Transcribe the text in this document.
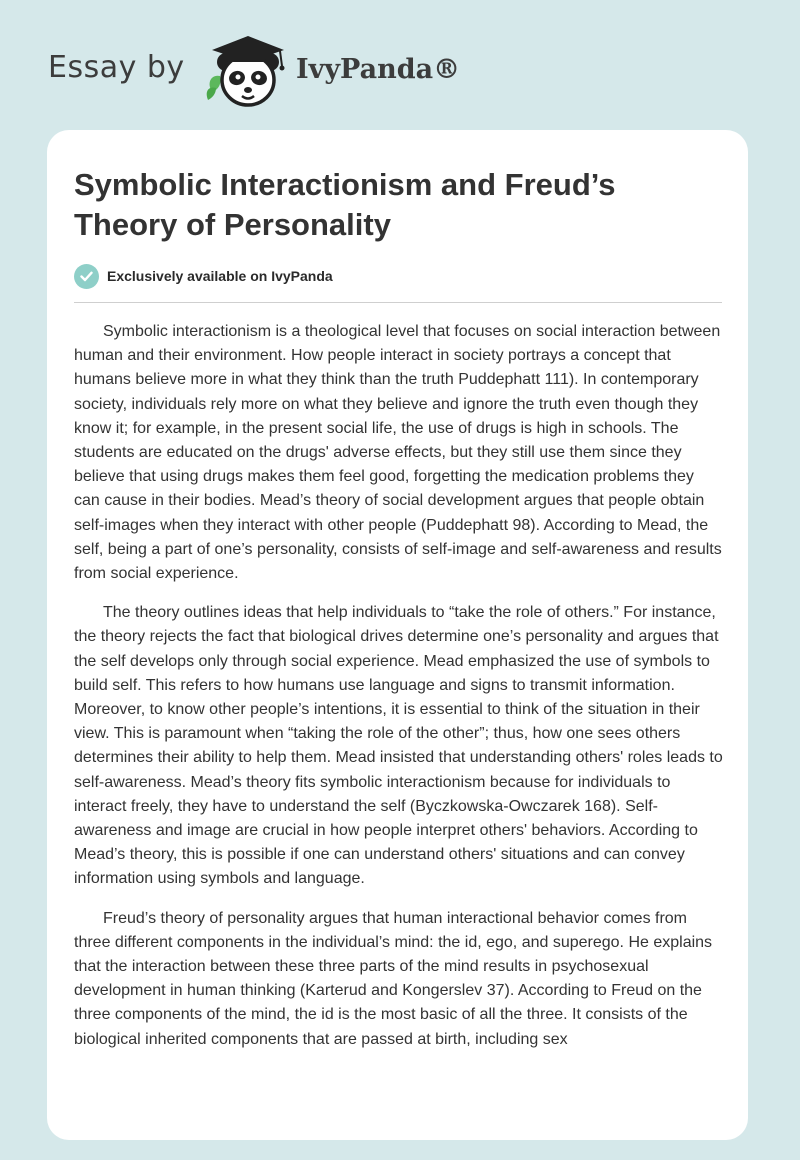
Essay by	IvyPanda®
Symbolic Interactionism and Freud’s Theory of Personality
Exclusively available on IvyPanda

Symbolic interactionism is a theological level that focuses on social interaction between human and their environment. How people interact in society portrays a concept that humans believe more in what they think than the truth Puddephatt 111). In contemporary society, individuals rely more on what they believe and ignore the truth even though they know it; for example, in the present social life, the use of drugs is high in schools. The students are educated on the drugs' adverse effects, but they still use them since they believe that using drugs makes them feel good, forgetting the medication problems they can cause in their bodies. Mead’s theory of social development argues that people obtain self-images when they interact with other people (Puddephatt 98). According to Mead, the self, being a part of one’s personality, consists of self-image and self-awareness and results from social experience.

The theory outlines ideas that help individuals to “take the role of others.” For instance, the theory rejects the fact that biological drives determine one’s personality and argues that the self develops only through social experience. Mead emphasized the use of symbols to build self. This refers to how humans use language and signs to transmit information. Moreover, to know other people’s intentions, it is essential to think of the situation in their view. This is paramount when “taking the role of the other”; thus, how one sees others determines their ability to help them. Mead insisted that understanding others' roles leads to self-awareness. Mead’s theory fits symbolic interactionism because for individuals to interact freely, they have to understand the self (Byczkowska-Owczarek 168). Self-awareness and image are crucial in how people interpret others' behaviors. According to Mead’s theory, this is possible if one can understand others' situations and can convey information using symbols and language.

Freud’s theory of personality argues that human interactional behavior comes from three different components in the individual’s mind: the id, ego, and superego. He explains that the interaction between these three parts of the mind results in psychosexual development in human thinking (Karterud and Kongerslev 37). According to Freud on the three components of the mind, the id is the most basic of all the three. It consists of the biological inherited components that are passed at birth, including sex
